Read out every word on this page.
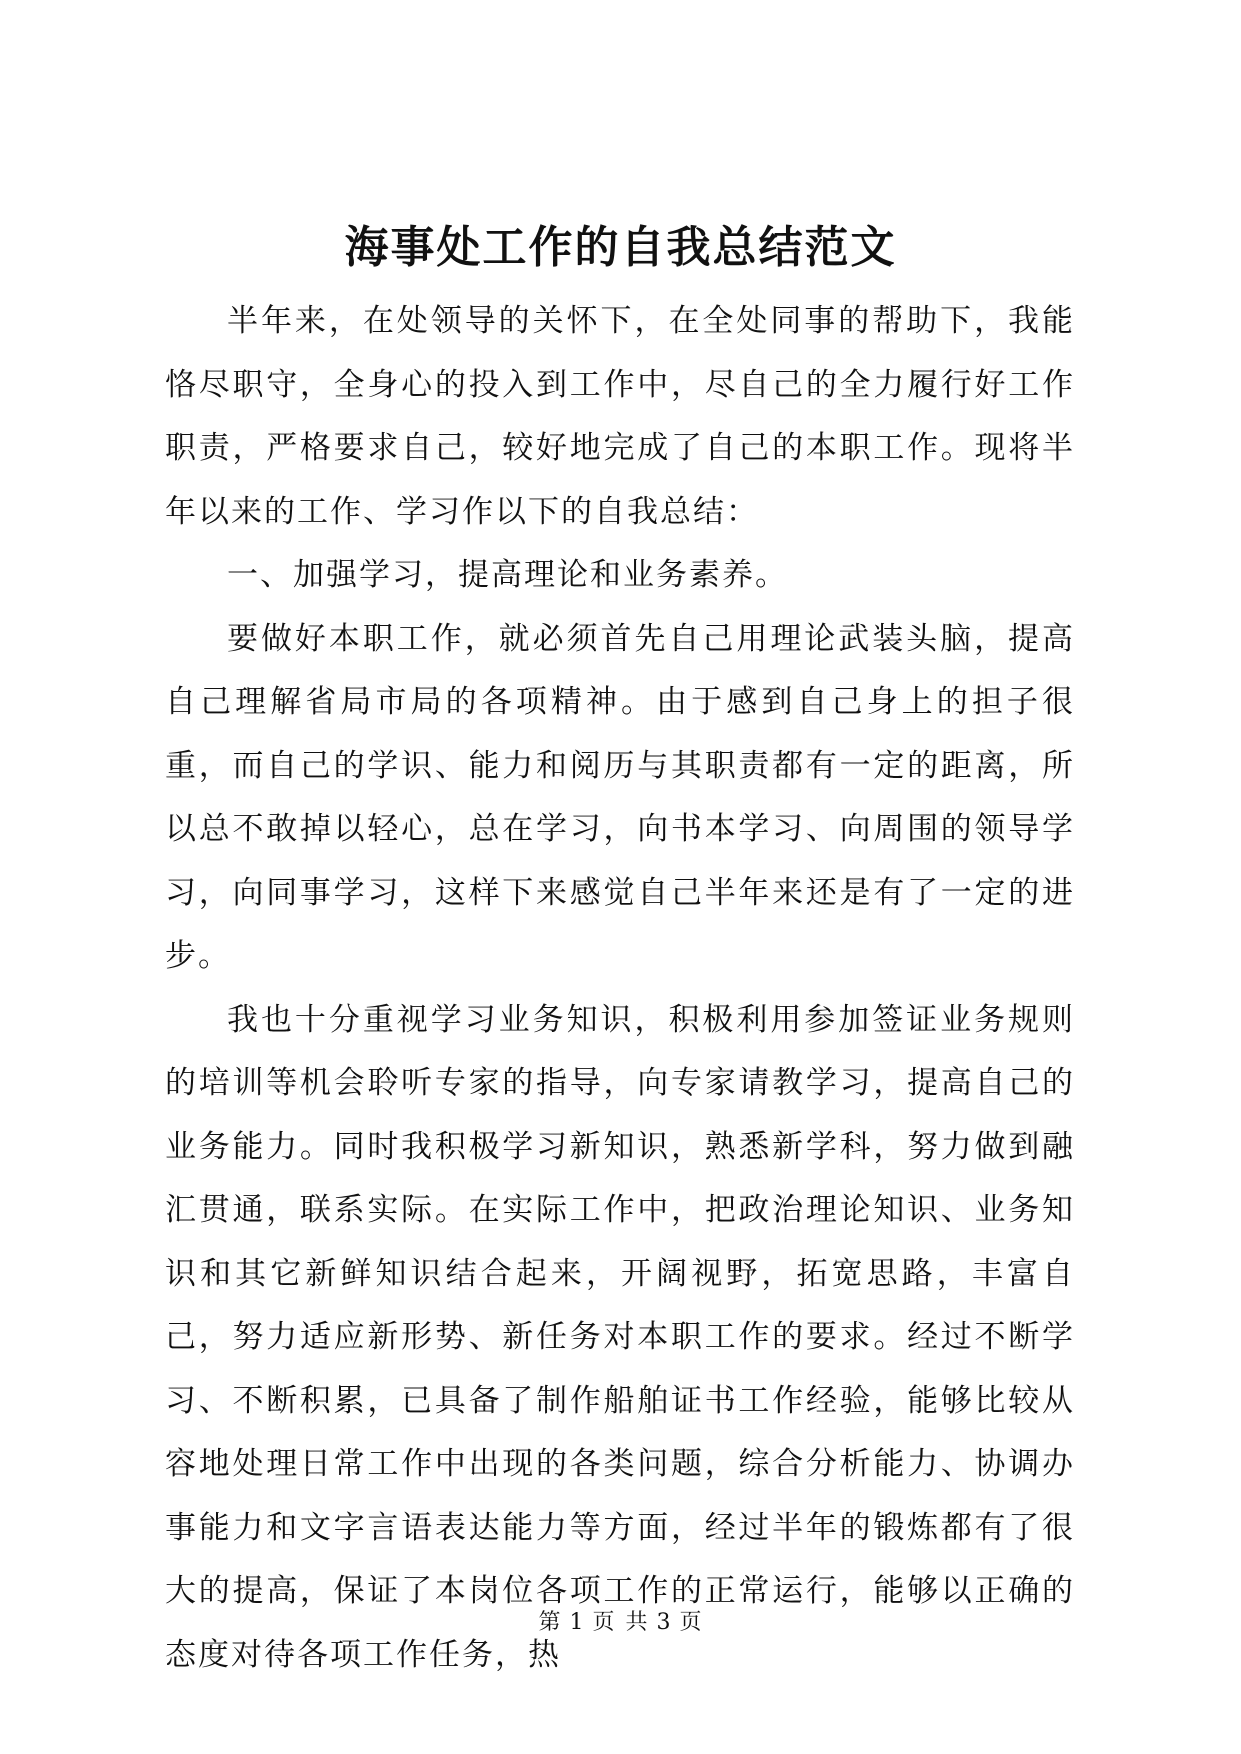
海事处工作的自我总结范文

半年来，在处领导的关怀下，在全处同事的帮助下，我能恪尽职守，全身心的投入到工作中，尽自己的全力履行好工作职责，严格要求自己，较好地完成了自己的本职工作。现将半年以来的工作、学习作以下的自我总结：

一、加强学习，提高理论和业务素养。

要做好本职工作，就必须首先自己用理论武装头脑，提高自己理解省局市局的各项精神。由于感到自己身上的担子很重，而自己的学识、能力和阅历与其职责都有一定的距离，所以总不敢掉以轻心，总在学习，向书本学习、向周围的领导学习，向同事学习，这样下来感觉自己半年来还是有了一定的进步。

我也十分重视学习业务知识，积极利用参加签证业务规则的培训等机会聆听专家的指导，向专家请教学习，提高自己的业务能力。同时我积极学习新知识，熟悉新学科，努力做到融汇贯通，联系实际。在实际工作中，把政治理论知识、业务知识和其它新鲜知识结合起来，开阔视野，拓宽思路，丰富自己，努力适应新形势、新任务对本职工作的要求。经过不断学习、不断积累，已具备了制作船舶证书工作经验，能够比较从容地处理日常工作中出现的各类问题，综合分析能力、协调办事能力和文字言语表达能力等方面，经过半年的锻炼都有了很大的提高，保证了本岗位各项工作的正常运行，能够以正确的态度对待各项工作任务，热

第 1 页 共 3 页
